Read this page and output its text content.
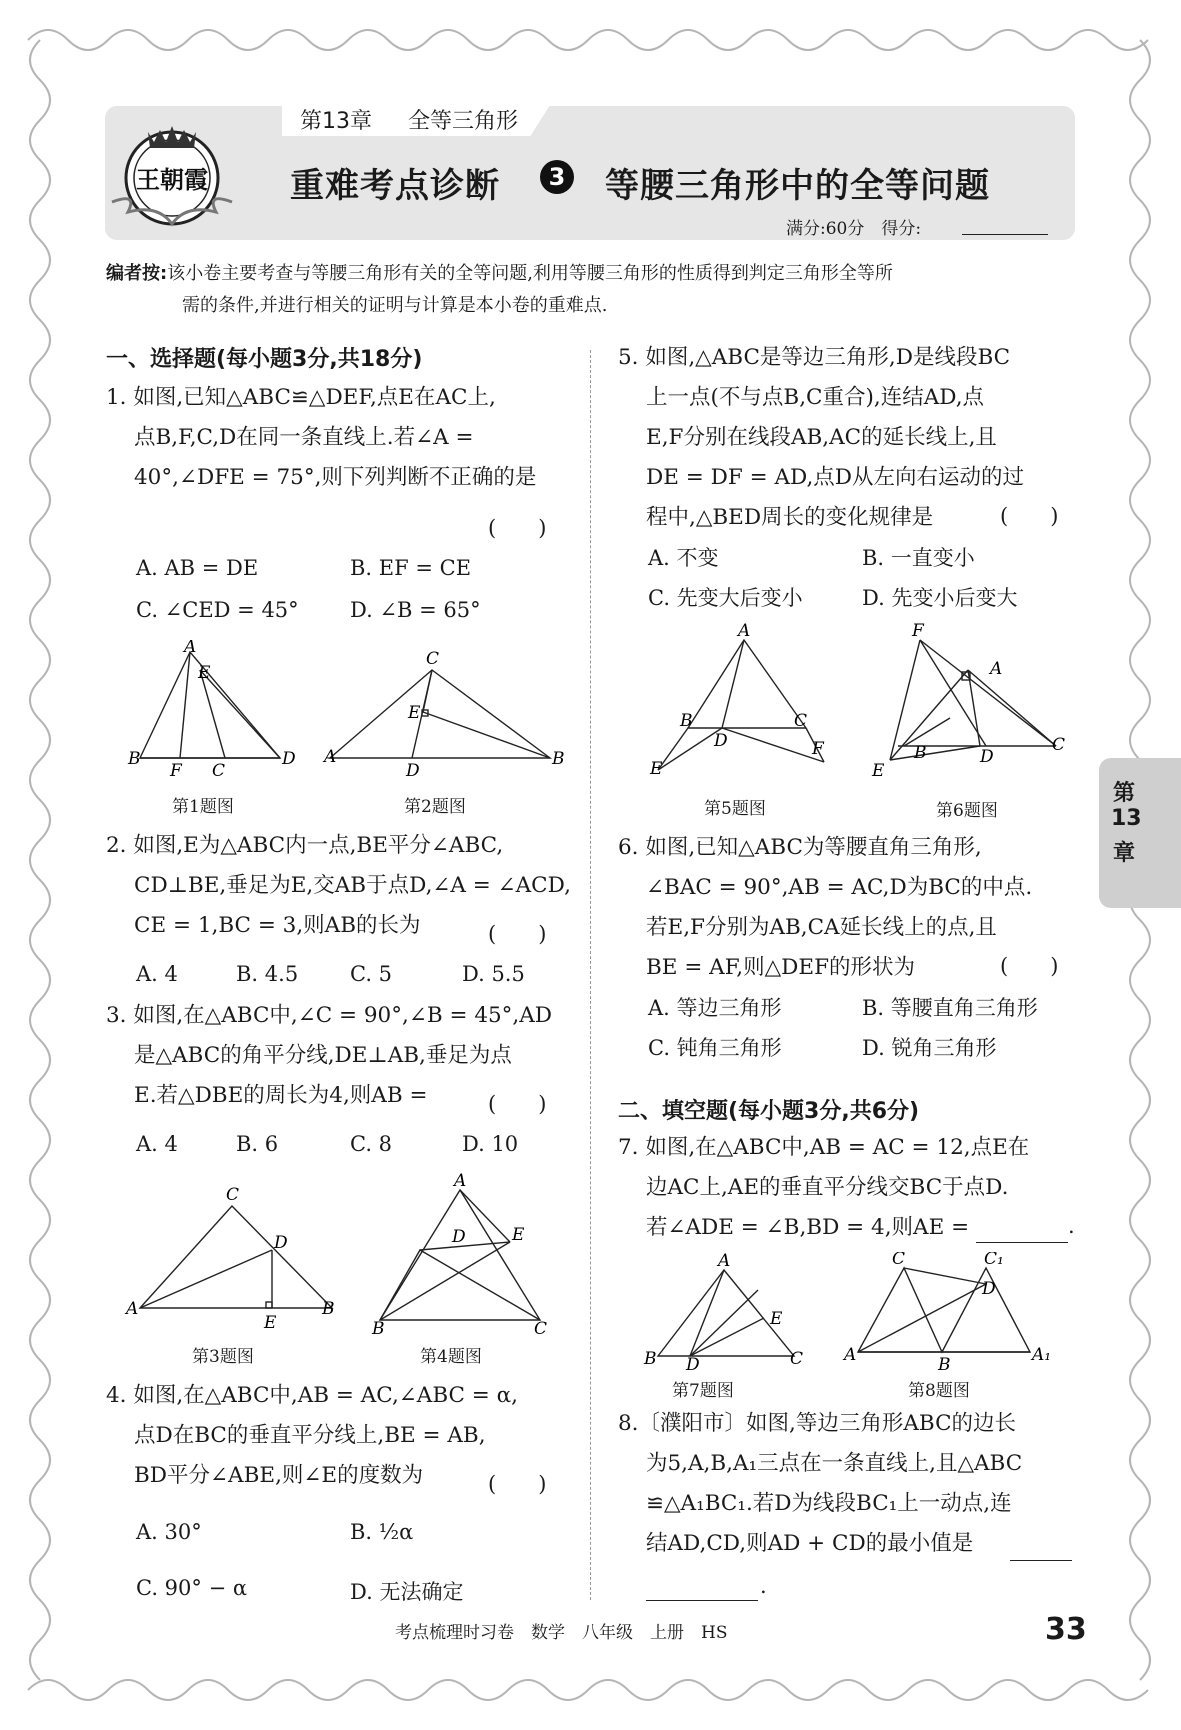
王朝霞
第13章 全等三角形
重难考点诊断	3 等腰三角形中的全等问题
满分:60分　得分:
编者按:该小卷主要考查与等腰三角形有关的全等问题,利用等腰三角形的性质得到判定三角形全等所
需的条件,并进行相关的证明与计算是本小卷的重难点.
一、选择题(每小题3分,共18分)
1. 如图,已知△ABC≌△DEF,点E在AC上,
点B,F,C,D在同一条直线上.若∠A =
40°,∠DFE = 75°,则下列判断不正确的是
(　　)
A. AB = DE	B. EF = CE
C. ∠CED = 45° D. ∠B = 65°
B
A
E
F C
D A
C
E
D
B
第1题图	第2题图
2. 如图,E为△ABC内一点,BE平分∠ABC,
CD⊥BE,垂足为E,交AB于点D,∠A = ∠ACD,
CE = 1,BC = 3,则AB的长为	(　　)
A. 4	B. 4.5 C. 5	D. 5.5
3. 如图,在△ABC中,∠C = 90°,∠B = 45°,AD
是△ABC的角平分线,DE⊥AB,垂足为点
E.若△DBE的周长为4,则AB =	(　　)
A. 4	B. 6	C. 8	D. 10
A
C
D
E
B
A
D	E
B	C
第3题图	第4题图
4. 如图,在△ABC中,AB = AC,∠ABC = α,
点D在BC的垂直平分线上,BE = AB,
BD平分∠ABE,则∠E的度数为	(　　)
A. 30°	B. ½α
C. 90° − α	D. 无法确定
5. 如图,△ABC是等边三角形,D是线段BC
上一点(不与点B,C重合),连结AD,点
E,F分别在线段AB,AC的延长线上,且
DE = DF = AD,点D从左向右运动的过
程中,△BED周长的变化规律是	(　　)
A. 不变	B. 一直变小
C. 先变大后变小	D. 先变小后变大
A
B
D
C
E
F
F
A
B	D
C
E
第5题图	第6题图
6. 如图,已知△ABC为等腰直角三角形,
∠BAC = 90°,AB = AC,D为BC的中点.
若E,F分别为AB,CA延长线上的点,且
BE = AF,则△DEF的形状为	(　　)
A. 等边三角形	B. 等腰直角三角形
C. 钝角三角形	D. 锐角三角形
二、填空题(每小题3分,共6分)
7. 如图,在△ABC中,AB = AC = 12,点E在
边AC上,AE的垂直平分线交BC于点D.
若∠ADE = ∠B,BD = 4,则AE =	.
B
A
E
D	C
C	C₁
D
A	B	A₁
第7题图	第8题图
8.〔濮阳市〕如图,等边三角形ABC的边长
为5,A,B,A₁三点在一条直线上,且△ABC
≌△A₁BC₁.若D为线段BC₁上一动点,连
结AD,CD,则AD + CD的最小值是
.
第
13
章
考点梳理时习卷　数学　八年级　上册　HS	33
